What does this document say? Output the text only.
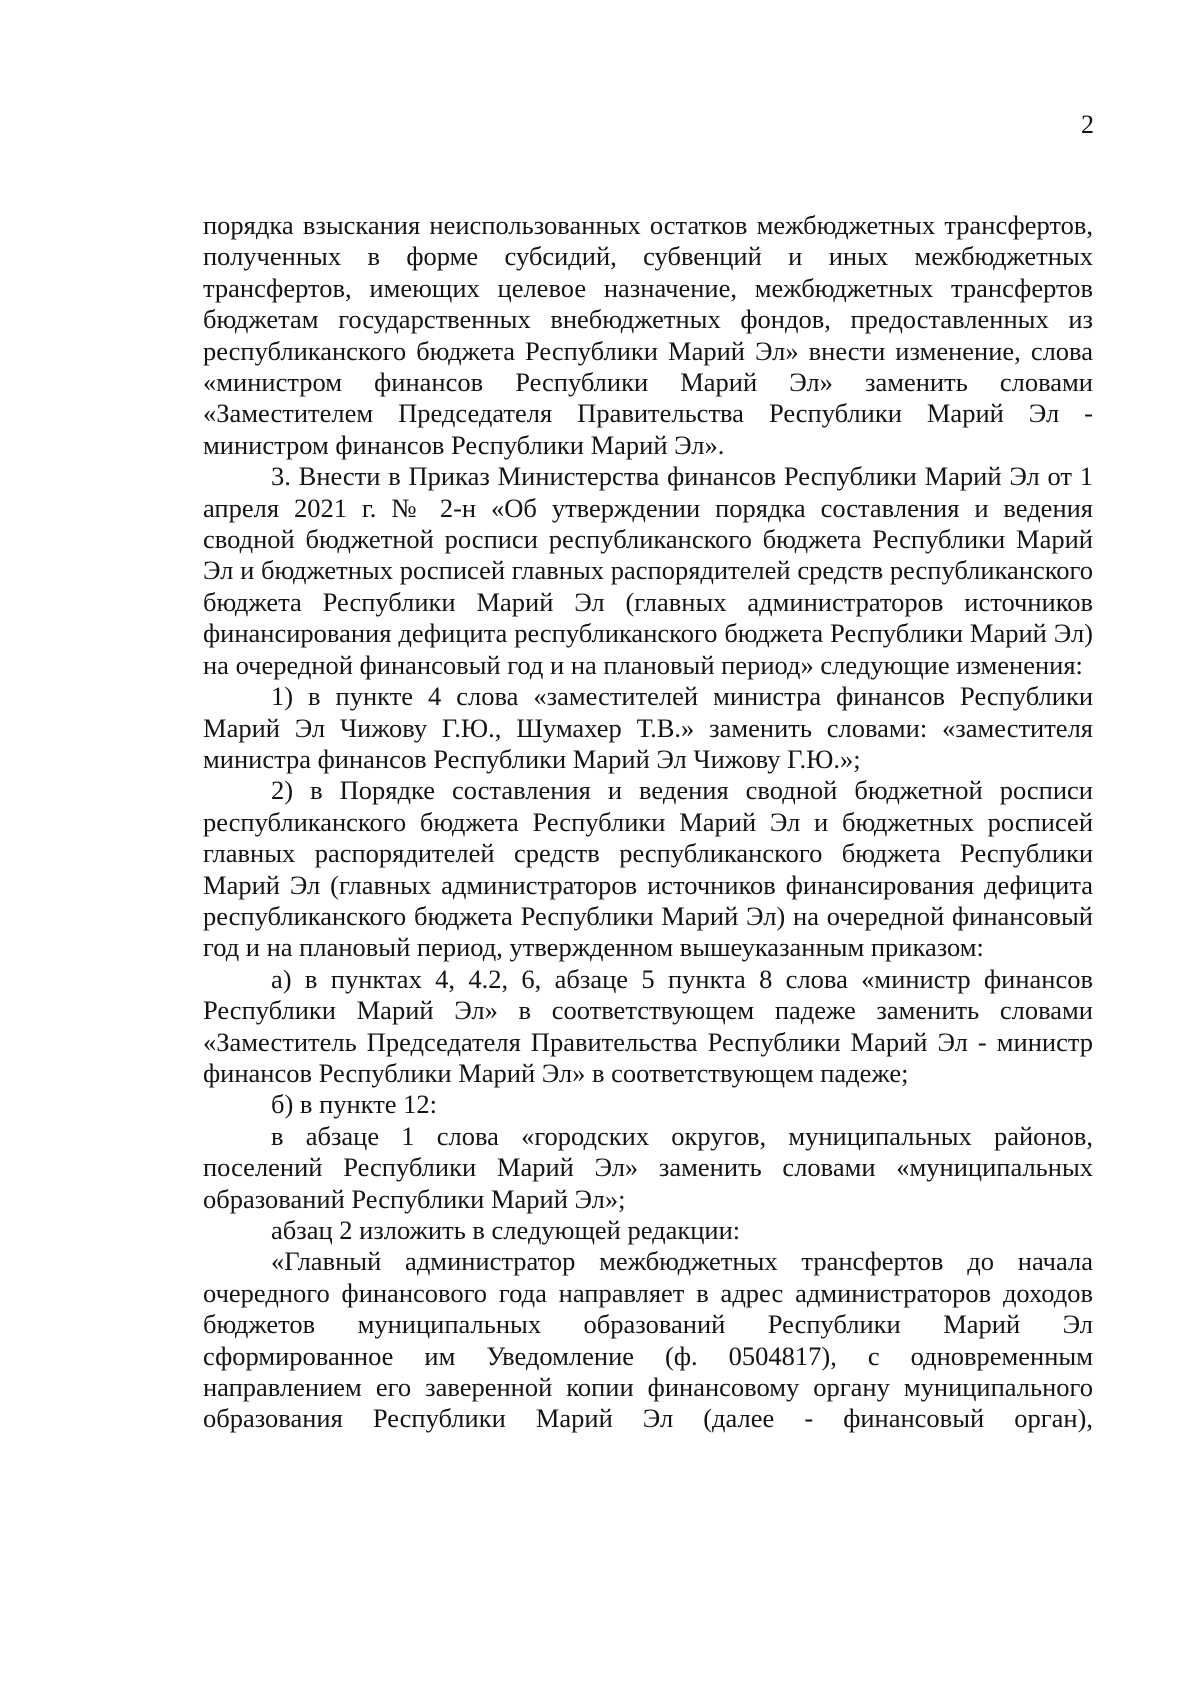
2

порядка взыскания неиспользованных остатков межбюджетных трансфертов, полученных в форме субсидий, субвенций и иных межбюджетных трансфертов, имеющих целевое назначение, межбюджетных трансфертов бюджетам государственных внебюджетных фондов, предоставленных из республиканского бюджета Республики Марий Эл» внести изменение, слова «министром финансов Республики Марий Эл» заменить словами «Заместителем Председателя Правительства Республики Марий Эл - министром финансов Республики Марий Эл».

3. Внести в Приказ Министерства финансов Республики Марий Эл от 1 апреля 2021 г. № 2-н «Об утверждении порядка составления и ведения сводной бюджетной росписи республиканского бюджета Республики Марий Эл и бюджетных росписей главных распорядителей средств республиканского бюджета Республики Марий Эл (главных администраторов источников финансирования дефицита республиканского бюджета Республики Марий Эл) на очередной финансовый год и на плановый период» следующие изменения:

1) в пункте 4 слова «заместителей министра финансов Республики Марий Эл Чижову Г.Ю., Шумахер Т.В.» заменить словами: «заместителя министра финансов Республики Марий Эл Чижову Г.Ю.»;

2) в Порядке составления и ведения сводной бюджетной росписи республиканского бюджета Республики Марий Эл и бюджетных росписей главных распорядителей средств республиканского бюджета Республики Марий Эл (главных администраторов источников финансирования дефицита республиканского бюджета Республики Марий Эл) на очередной финансовый год и на плановый период, утвержденном вышеуказанным приказом:

а) в пунктах 4, 4.2, 6, абзаце 5 пункта 8 слова «министр финансов Республики Марий Эл» в соответствующем падеже заменить словами «Заместитель Председателя Правительства Республики Марий Эл - министр финансов Республики Марий Эл» в соответствующем падеже;

б) в пункте 12:

в абзаце 1 слова «городских округов, муниципальных районов, поселений Республики Марий Эл» заменить словами «муниципальных образований Республики Марий Эл»;

абзац 2 изложить в следующей редакции:

«Главный администратор межбюджетных трансфертов до начала очередного финансового года направляет в адрес администраторов доходов бюджетов муниципальных образований Республики Марий Эл сформированное им Уведомление (ф. 0504817), с одновременным направлением его заверенной копии финансовому органу муниципального образования Республики Марий Эл (далее - финансовый орган),
